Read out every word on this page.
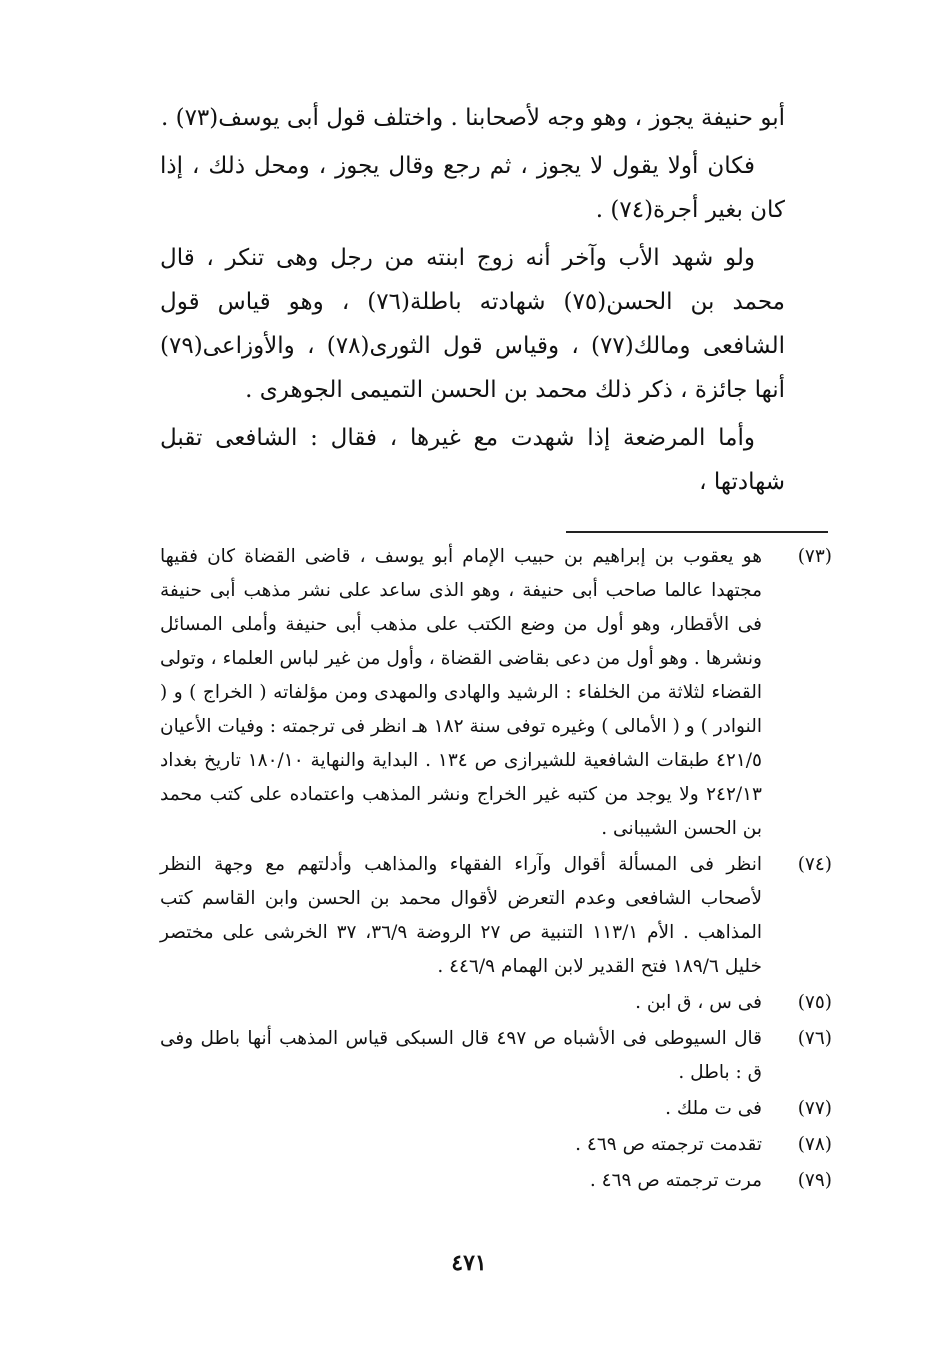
أبو حنيفة يجوز ، وهو وجه لأصحابنا . واختلف قول أبى يوسف(٧٣) .

فكان أولا يقول لا يجوز ، ثم رجع وقال يجوز ، ومحل ذلك ، إذا كان بغير أجرة(٧٤) .

ولو شهد الأب وآخر أنه زوج ابنته من رجل وهى تنكر ، قال محمد بن الحسن(٧٥) شهادته باطلة(٧٦) ، وهو قياس قول الشافعى ومالك(٧٧) ، وقياس قول الثورى(٧٨) ، والأوزاعى(٧٩) أنها جائزة ، ذكر ذلك محمد بن الحسن التميمى الجوهرى .

وأما المرضعة إذا شهدت مع غيرها ، فقال : الشافعى تقبل شهادتها ،

(٧٣)
هو يعقوب بن إبراهيم بن حبيب الإمام أبو يوسف ، قاضى القضاة كان فقيها مجتهدا عالما صاحب أبى حنيفة ، وهو الذى ساعد على نشر مذهب أبى حنيفة فى الأقطار، وهو أول من وضع الكتب على مذهب أبى حنيفة وأملى المسائل ونشرها . وهو أول من دعى بقاضى القضاة ، وأول من غير لباس العلماء ، وتولى القضاء لثلاثة من الخلفاء : الرشيد والهادى والمهدى ومن مؤلفاته ( الخراج ) و ( النوادر ) و ( الأمالى ) وغيره توفى سنة ١٨٢ هـ انظر فى ترجمته : وفيات الأعيان ٤٢١/٥ طبقات الشافعية للشيرازى ص ١٣٤ . البداية والنهاية ١٨٠/١٠ تاريخ بغداد ٢٤٢/١٣ ولا يوجد من كتبه غير الخراج ونشر المذهب واعتماده على كتب محمد بن الحسن الشيبانى .
(٧٤)
انظر فى المسألة أقوال وآراء الفقهاء والمذاهب وأدلتهم مع وجهة النظر لأصحاب الشافعى وعدم التعرض لأقوال محمد بن الحسن وابن القاسم كتب المذاهب . الأم ١١٣/١ التنبية ص ٢٧ الروضة ٣٦/٩، ٣٧ الخرشى على مختصر خليل ١٨٩/٦ فتح القدير لابن الهمام ٤٤٦/٩ .
(٧٥)
فى س ، ق ابن .
(٧٦)
قال السيوطى فى الأشباه ص ٤٩٧ قال السبكى قياس المذهب أنها باطل وفى ق : باطل .
(٧٧)
فى ت ملك .
(٧٨)
تقدمت ترجمته ص ٤٦٩ .
(٧٩)
مرت ترجمته ص ٤٦٩ .
٤٧١
